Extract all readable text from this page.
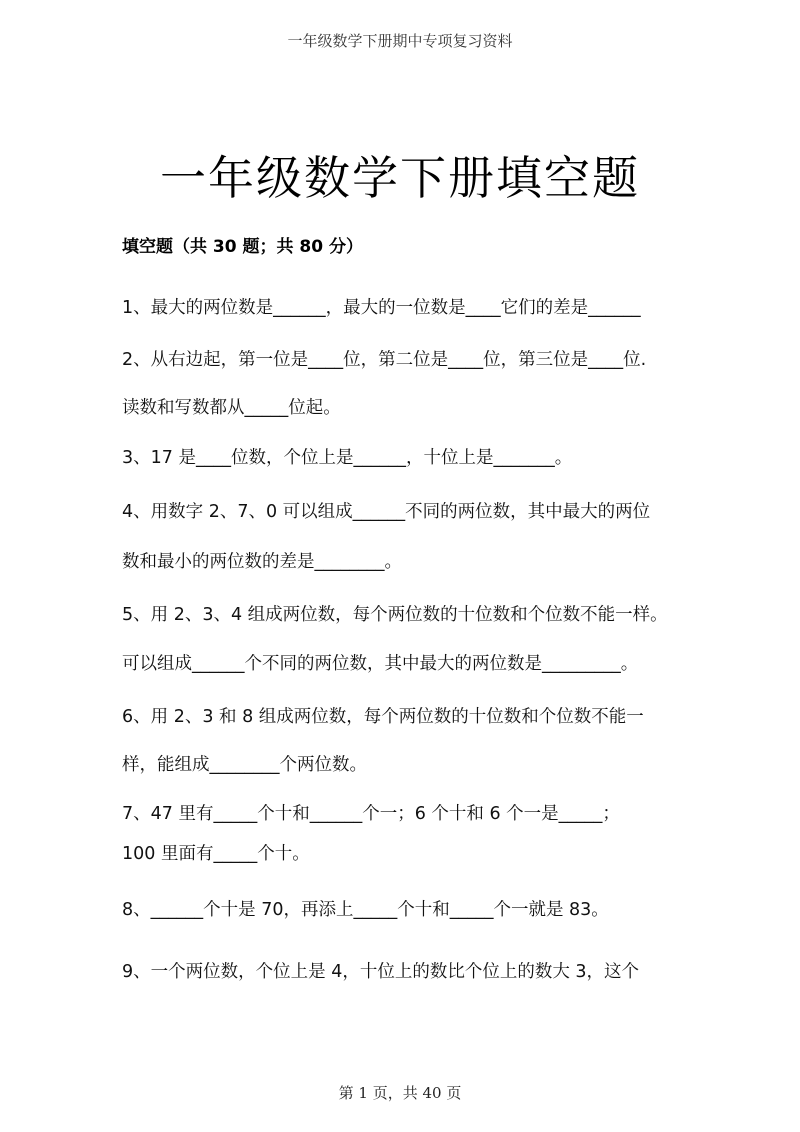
一年级数学下册期中专项复习资料
一年级数学下册填空题
填空题（共 30 题；共 80 分）
1、最大的两位数是______，最大的一位数是____它们的差是______
2、从右边起，第一位是____位，第二位是____位，第三位是____位.
读数和写数都从_____位起。
3、17 是____位数，个位上是______，十位上是_______。
4、用数字 2、7、0 可以组成______不同的两位数，其中最大的两位
数和最小的两位数的差是________。
5、用 2、3、4 组成两位数，每个两位数的十位数和个位数不能一样。
可以组成______个不同的两位数，其中最大的两位数是_________。
6、用 2、3 和 8 组成两位数，每个两位数的十位数和个位数不能一
样，能组成________个两位数。
7、47 里有_____个十和______个一；6 个十和 6 个一是_____；
100 里面有_____个十。
8、______个十是 70，再添上_____个十和_____个一就是 83。
9、一个两位数，个位上是 4，十位上的数比个位上的数大 3，这个
第 1 页，共 40 页
